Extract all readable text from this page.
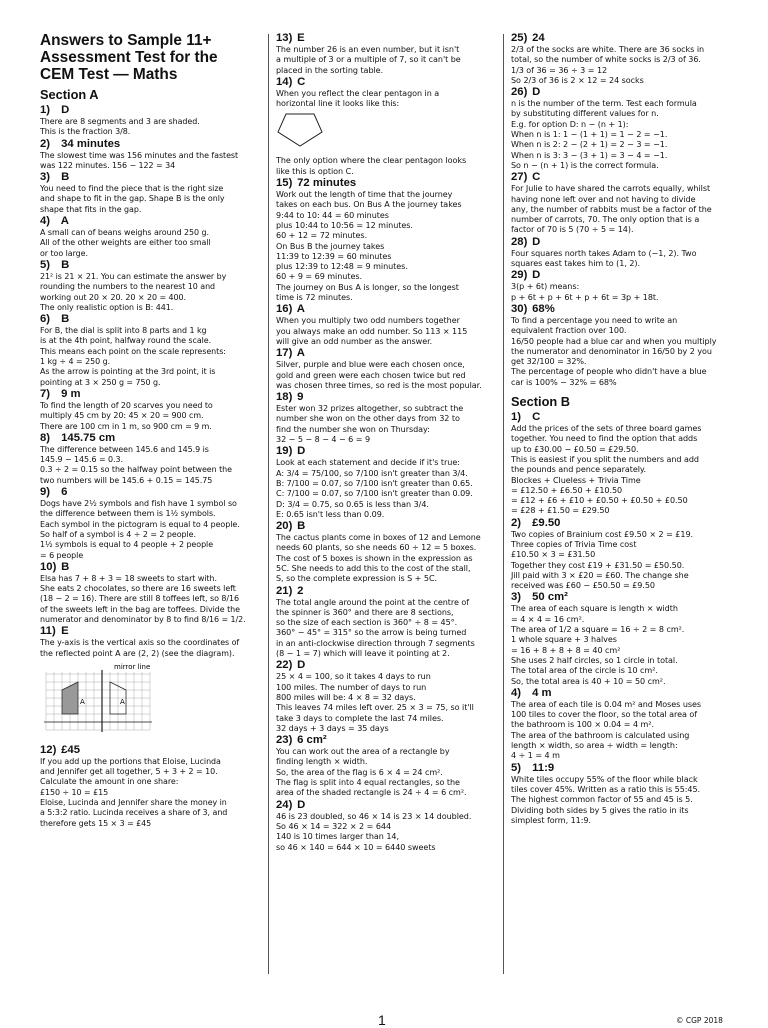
Answers to Sample 11+
Assessment Test for the
CEM Test — Maths
Section A
1) D
There are 8 segments and 3 are shaded.
This is the fraction 3/8.
2) 34 minutes
The slowest time was 156 minutes and the fastest
was 122 minutes. 156 − 122 = 34
3) B
You need to find the piece that is the right size
and shape to fit in the gap. Shape B is the only
shape that fits in the gap.
4) A
A small can of beans weighs around 250 g.
All of the other weights are either too small
or too large.
5) B
21² is 21 × 21. You can estimate the answer by
rounding the numbers to the nearest 10 and
working out 20 × 20. 20 × 20 = 400.
The only realistic option is B: 441.
6) B
For B, the dial is split into 8 parts and 1 kg
is at the 4th point, halfway round the scale.
This means each point on the scale represents:
1 kg ÷ 4 = 250 g.
As the arrow is pointing at the 3rd point, it is
pointing at 3 × 250 g = 750 g.
7) 9 m
To find the length of 20 scarves you need to
multiply 45 cm by 20: 45 × 20 = 900 cm.
There are 100 cm in 1 m, so 900 cm = 9 m.
8) 145.75 cm
The difference between 145.6 and 145.9 is
145.9 − 145.6 = 0.3.
0.3 ÷ 2 = 0.15 so the halfway point between the
two numbers will be 145.6 + 0.15 = 145.75
9) 6
Dogs have 2½ symbols and fish have 1 symbol so
the difference between them is 1½ symbols.
Each symbol in the pictogram is equal to 4 people.
So half of a symbol is 4 ÷ 2 = 2 people.
1½ symbols is equal to 4 people + 2 people
= 6 people
10) B
Elsa has 7 + 8 + 3 = 18 sweets to start with.
She eats 2 chocolates, so there are 16 sweets left
(18 − 2 = 16). There are still 8 toffees left, so 8/16
of the sweets left in the bag are toffees. Divide the
numerator and denominator by 8 to find 8/16 = 1/2.
11) E
The y-axis is the vertical axis so the coordinates of
the reflected point A are (2, 2) (see the diagram).
A	A
mirror line
12) £45
If you add up the portions that Eloise, Lucinda
and Jennifer get all together, 5 + 3 + 2 = 10.
Calculate the amount in one share:
£150 ÷ 10 = £15
Eloise, Lucinda and Jennifer share the money in
a 5:3:2 ratio. Lucinda receives a share of 3, and
therefore gets 15 × 3 = £45
13) E
The number 26 is an even number, but it isn't
a multiple of 3 or a multiple of 7, so it can't be
placed in the sorting table.
14) C
When you reflect the clear pentagon in a
horizontal line it looks like this:
The only option where the clear pentagon looks
like this is option C.
15) 72 minutes
Work out the length of time that the journey
takes on each bus. On Bus A the journey takes
9:44 to 10: 44 = 60 minutes
plus 10:44 to 10:56 = 12 minutes.
60 + 12 = 72 minutes.
On Bus B the journey takes
11:39 to 12:39 = 60 minutes
plus 12:39 to 12:48 = 9 minutes.
60 + 9 = 69 minutes.
The journey on Bus A is longer, so the longest
time is 72 minutes.
16) A
When you multiply two odd numbers together
you always make an odd number. So 113 × 115
will give an odd number as the answer.
17) A
Silver, purple and blue were each chosen once,
gold and green were each chosen twice but red
was chosen three times, so red is the most popular.
18) 9
Ester won 32 prizes altogether, so subtract the
number she won on the other days from 32 to
find the number she won on Thursday:
32 − 5 − 8 − 4 − 6 = 9
19) D
Look at each statement and decide if it's true:
A: 3/4 = 75/100, so 7/100 isn't greater than 3/4.
B: 7/100 = 0.07, so 7/100 isn't greater than 0.65.
C: 7/100 = 0.07, so 7/100 isn't greater than 0.09.
D: 3/4 = 0.75, so 0.65 is less than 3/4.
E: 0.65 isn't less than 0.09.
20) B
The cactus plants come in boxes of 12 and Lemone
needs 60 plants, so she needs 60 ÷ 12 = 5 boxes.
The cost of 5 boxes is shown in the expression as
5C. She needs to add this to the cost of the stall,
S, so the complete expression is S + 5C.
21) 2
The total angle around the point at the centre of
the spinner is 360° and there are 8 sections,
so the size of each section is 360° ÷ 8 = 45°.
360° − 45° = 315° so the arrow is being turned
in an anti-clockwise direction through 7 segments
(8 − 1 = 7) which will leave it pointing at 2.
22) D
25 × 4 = 100, so it takes 4 days to run
100 miles. The number of days to run
800 miles will be: 4 × 8 = 32 days.
This leaves 74 miles left over. 25 × 3 = 75, so it'll
take 3 days to complete the last 74 miles.
32 days + 3 days = 35 days
23) 6 cm²
You can work out the area of a rectangle by
finding length × width.
So, the area of the flag is 6 × 4 = 24 cm².
The flag is split into 4 equal rectangles, so the
area of the shaded rectangle is 24 ÷ 4 = 6 cm².
24) D
46 is 23 doubled, so 46 × 14 is 23 × 14 doubled.
So 46 × 14 = 322 × 2 = 644
140 is 10 times larger than 14,
so 46 × 140 = 644 × 10 = 6440 sweets
25) 24
2/3 of the socks are white. There are 36 socks in
total, so the number of white socks is 2/3 of 36.
1/3 of 36 = 36 ÷ 3 = 12
So 2/3 of 36 is 2 × 12 = 24 socks
26) D
n is the number of the term. Test each formula
by substituting different values for n.
E.g. for option D: n − (n + 1):
When n is 1: 1 − (1 + 1) = 1 − 2 = −1.
When n is 2: 2 − (2 + 1) = 2 − 3 = −1.
When n is 3: 3 − (3 + 1) = 3 − 4 = −1.
So n − (n + 1) is the correct formula.
27) C
For Julie to have shared the carrots equally, whilst
having none left over and not having to divide
any, the number of rabbits must be a factor of the
number of carrots, 70. The only option that is a
factor of 70 is 5 (70 ÷ 5 = 14).
28) D
Four squares north takes Adam to (−1, 2). Two
squares east takes him to (1, 2).
29) D
3(p + 6t) means:
p + 6t + p + 6t + p + 6t = 3p + 18t.
30) 68%
To find a percentage you need to write an
equivalent fraction over 100.
16/50 people had a blue car and when you multiply
the numerator and denominator in 16/50 by 2 you
get 32/100 = 32%.
The percentage of people who didn't have a blue
car is 100% − 32% = 68%
Section B
1) C
Add the prices of the sets of three board games
together. You need to find the option that adds
up to £30.00 − £0.50 = £29.50.
This is easiest if you split the numbers and add
the pounds and pence separately.
Blockes + Clueless + Trivia Time
= £12.50 + £6.50 + £10.50
= £12 + £6 + £10 + £0.50 + £0.50 + £0.50
= £28 + £1.50 = £29.50
2) £9.50
Two copies of Brainium cost £9.50 × 2 = £19.
Three copies of Trivia Time cost
£10.50 × 3 = £31.50
Together they cost £19 + £31.50 = £50.50.
Jill paid with 3 × £20 = £60. The change she
received was £60 − £50.50 = £9.50
3) 50 cm²
The area of each square is length × width
= 4 × 4 = 16 cm².
The area of 1/2 a square = 16 ÷ 2 = 8 cm².
1 whole square + 3 halves
= 16 + 8 + 8 + 8 = 40 cm²
She uses 2 half circles, so 1 circle in total.
The total area of the circle is 10 cm².
So, the total area is 40 + 10 = 50 cm².
4) 4 m
The area of each tile is 0.04 m² and Moses uses
100 tiles to cover the floor, so the total area of
the bathroom is 100 × 0.04 = 4 m².
The area of the bathroom is calculated using
length × width, so area ÷ width = length:
4 ÷ 1 = 4 m
5) 11:9
White tiles occupy 55% of the floor while black
tiles cover 45%. Written as a ratio this is 55:45.
The highest common factor of 55 and 45 is 5.
Dividing both sides by 5 gives the ratio in its
simplest form, 11:9.
1	© CGP 2018
